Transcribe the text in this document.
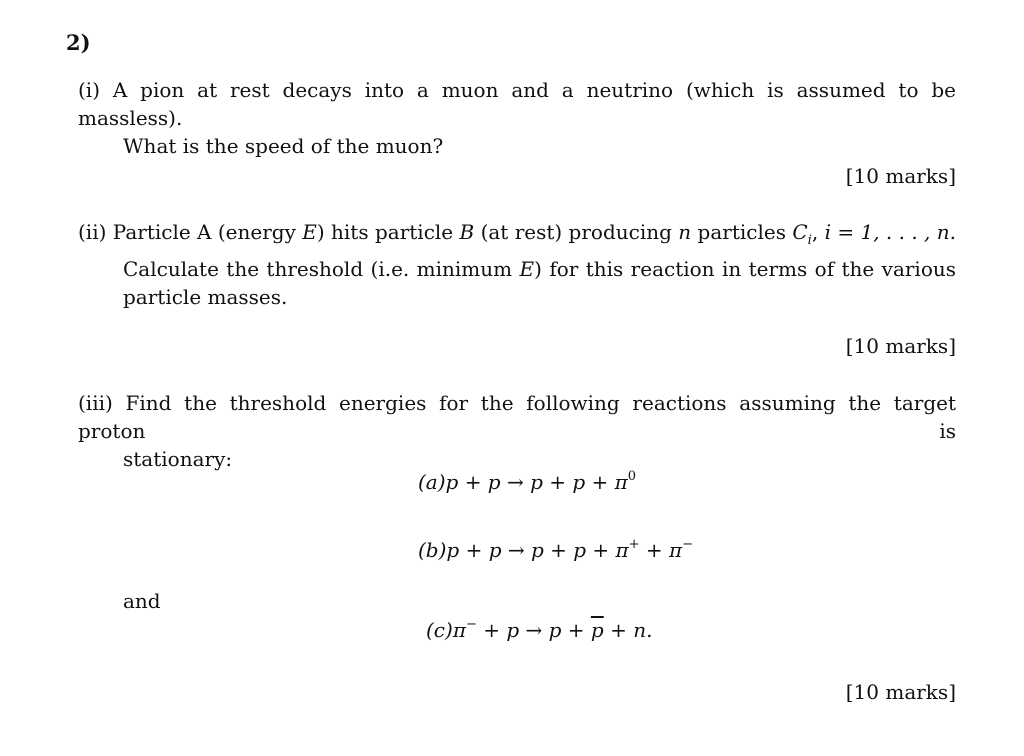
2)
(i) A pion at rest decays into a muon and a neutrino (which is assumed to be massless).
What is the speed of the muon?
[10 marks]
(ii) Particle A (energy E) hits particle B (at rest) producing n particles $C_i$, i = 1, . . . , n.
Calculate the threshold (i.e. minimum E) for this reaction in terms of the various
particle masses.
[10 marks]
(iii) Find the threshold energies for the following reactions assuming the target proton is
stationary:
$(a)p + p \to p + p + \pi^0$
(b)p + p → p + p + π+ + π−
and
$(c)\pi^- + p \to p + \overline{p} + n$.
[10 marks]
